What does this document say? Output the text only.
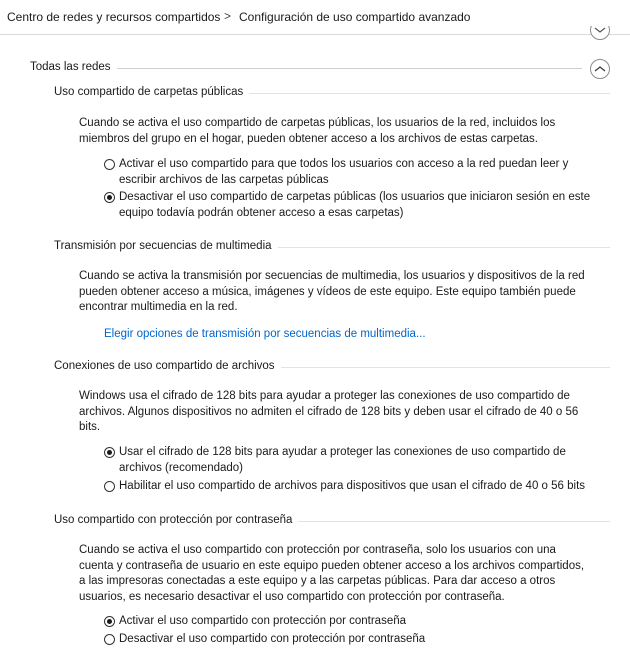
Centro de redes y recursos compartidos > Configuración de uso compartido avanzado
Todas las redes
Uso compartido de carpetas públicas
Cuando se activa el uso compartido de carpetas públicas, los usuarios de la red, incluidos los
miembros del grupo en el hogar, pueden obtener acceso a los archivos de estas carpetas.
Activar el uso compartido para que todos los usuarios con acceso a la red puedan leer y
escribir archivos de las carpetas públicas
Desactivar el uso compartido de carpetas públicas (los usuarios que iniciaron sesión en este
equipo todavía podrán obtener acceso a esas carpetas)
Transmisión por secuencias de multimedia
Cuando se activa la transmisión por secuencias de multimedia, los usuarios y dispositivos de la red
pueden obtener acceso a música, imágenes y vídeos de este equipo. Este equipo también puede
encontrar multimedia en la red.
Elegir opciones de transmisión por secuencias de multimedia...
Conexiones de uso compartido de archivos
Windows usa el cifrado de 128 bits para ayudar a proteger las conexiones de uso compartido de
archivos. Algunos dispositivos no admiten el cifrado de 128 bits y deben usar el cifrado de 40 o 56
bits.
Usar el cifrado de 128 bits para ayudar a proteger las conexiones de uso compartido de
archivos (recomendado)
Habilitar el uso compartido de archivos para dispositivos que usan el cifrado de 40 o 56 bits
Uso compartido con protección por contraseña
Cuando se activa el uso compartido con protección por contraseña, solo los usuarios con una
cuenta y contraseña de usuario en este equipo pueden obtener acceso a los archivos compartidos,
a las impresoras conectadas a este equipo y a las carpetas públicas. Para dar acceso a otros
usuarios, es necesario desactivar el uso compartido con protección por contraseña.
Activar el uso compartido con protección por contraseña
Desactivar el uso compartido con protección por contraseña
